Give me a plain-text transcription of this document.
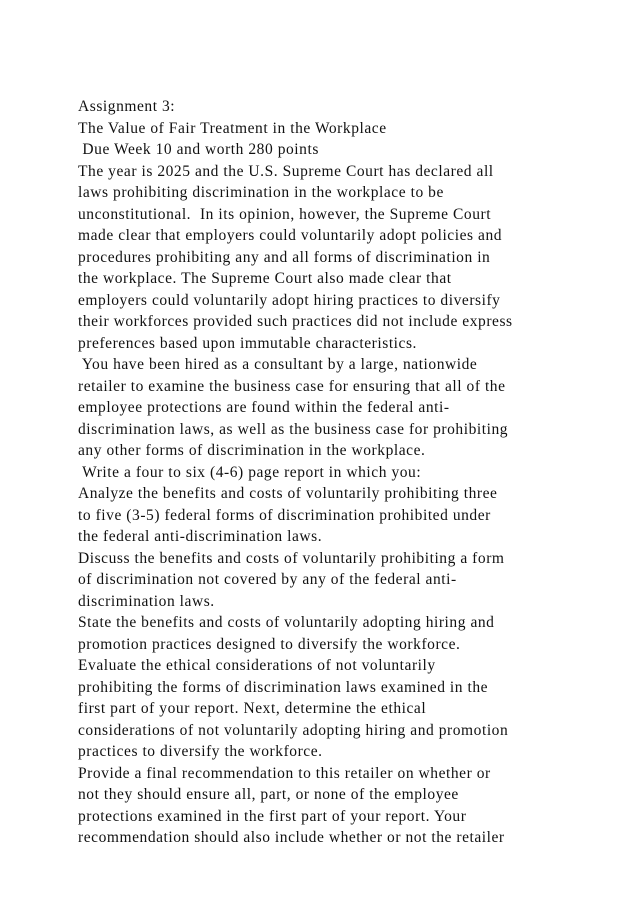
Assignment 3:
The Value of Fair Treatment in the Workplace
Due Week 10 and worth 280 points
The year is 2025 and the U.S. Supreme Court has declared all
laws prohibiting discrimination in the workplace to be
unconstitutional.  In its opinion, however, the Supreme Court
made clear that employers could voluntarily adopt policies and
procedures prohibiting any and all forms of discrimination in
the workplace. The Supreme Court also made clear that
employers could voluntarily adopt hiring practices to diversify
their workforces provided such practices did not include express
preferences based upon immutable characteristics.
You have been hired as a consultant by a large, nationwide
retailer to examine the business case for ensuring that all of the
employee protections are found within the federal anti-
discrimination laws, as well as the business case for prohibiting
any other forms of discrimination in the workplace.
Write a four to six (4-6) page report in which you:
Analyze the benefits and costs of voluntarily prohibiting three
to five (3-5) federal forms of discrimination prohibited under
the federal anti-discrimination laws.
Discuss the benefits and costs of voluntarily prohibiting a form
of discrimination not covered by any of the federal anti-
discrimination laws.
State the benefits and costs of voluntarily adopting hiring and
promotion practices designed to diversify the workforce.
Evaluate the ethical considerations of not voluntarily
prohibiting the forms of discrimination laws examined in the
first part of your report. Next, determine the ethical
considerations of not voluntarily adopting hiring and promotion
practices to diversify the workforce.
Provide a final recommendation to this retailer on whether or
not they should ensure all, part, or none of the employee
protections examined in the first part of your report. Your
recommendation should also include whether or not the retailer
